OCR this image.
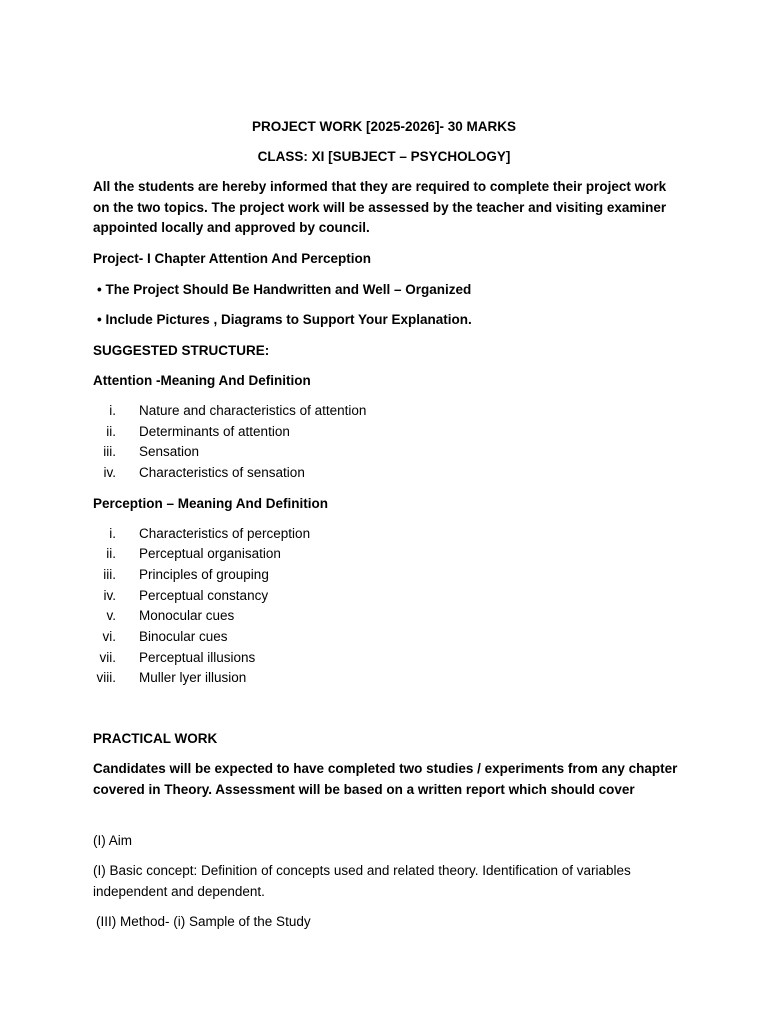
PROJECT WORK [2025-2026]- 30 MARKS
CLASS: XI [SUBJECT – PSYCHOLOGY]
All the students are hereby informed that they are required to complete their project work on the two topics. The project work will be assessed by the teacher and visiting examiner appointed locally and approved by council.
Project- I Chapter Attention And Perception
• The Project Should Be Handwritten and Well – Organized
• Include Pictures , Diagrams to Support Your Explanation.
SUGGESTED STRUCTURE:
Attention -Meaning And Definition
i. Nature and characteristics of attention
ii. Determinants of attention
iii. Sensation
iv. Characteristics of sensation
Perception – Meaning And Definition
i. Characteristics of perception
ii. Perceptual organisation
iii. Principles of grouping
iv. Perceptual constancy
v. Monocular cues
vi. Binocular cues
vii. Perceptual illusions
viii. Muller lyer illusion
PRACTICAL WORK
Candidates will be expected to have completed two studies / experiments from any chapter covered in Theory. Assessment will be based on a written report which should cover
(I) Aim
(I) Basic concept: Definition of concepts used and related theory. Identification of variables independent and dependent.
(III) Method- (i) Sample of the Study
